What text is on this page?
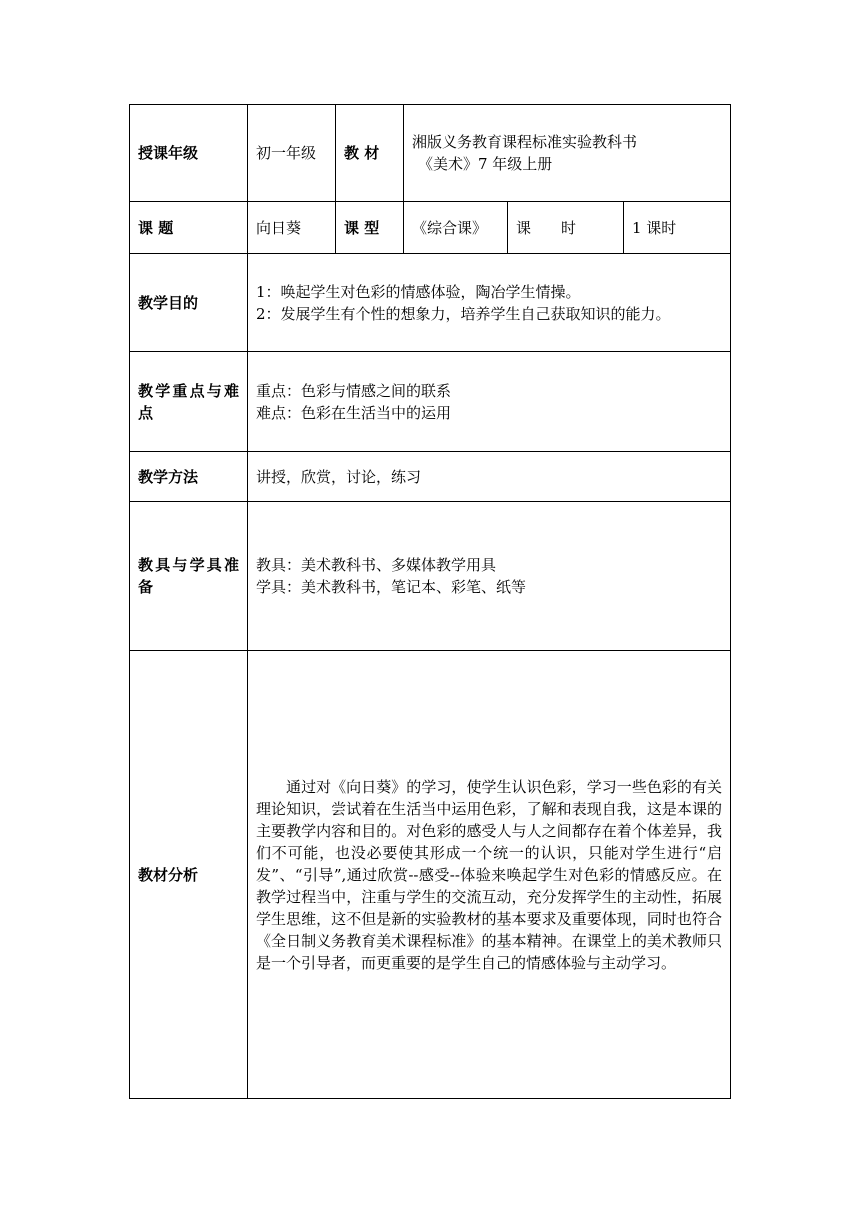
授课年级	初一年级	教 材	湘版义务教育课程标准实验教科书
《美术》7 年级上册		

课 题	向日葵	课 型	《综合课》	课　　时	1 课时
教学目的	1：唤起学生对色彩的情感体验，陶冶学生情操。
2：发展学生有个性的想象力，培养学生自己获取知识的能力。				

教学重点与难点	重点：色彩与情感之间的联系
难点：色彩在生活当中的运用				

教学方法	讲授，欣赏，讨论，练习				
教具与学具准备	教具：美术教科书、多媒体教学用具
学具：美术教科书，笔记本、彩笔、纸等				

教材分析	通过对《向日葵》的学习，使学生认识色彩，学习一些色彩的有关理论知识，尝试着在生活当中运用色彩，了解和表现自我，这是本课的主要教学内容和目的。对色彩的感受人与人之间都存在着个体差异，我们不可能，也没必要使其形成一个统一的认识，只能对学生进行“启发”、“引导”,通过欣赏--感受--体验来唤起学生对色彩的情感反应。在教学过程当中，注重与学生的交流互动，充分发挥学生的主动性，拓展学生思维，这不但是新的实验教材的基本要求及重要体现，同时也符合《全日制义务教育美术课程标准》的基本精神。在课堂上的美术教师只是一个引导者，而更重要的是学生自己的情感体验与主动学习。				
